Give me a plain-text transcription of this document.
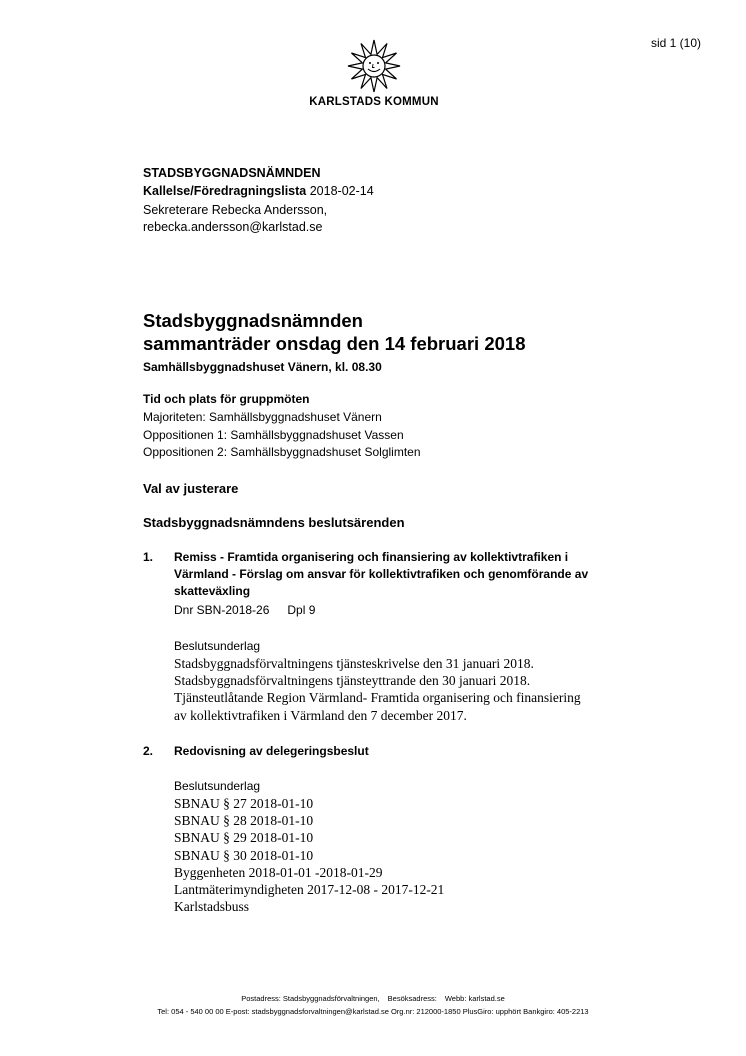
sid 1 (10)
KARLSTADS KOMMUN
STADSBYGGNADSNÄMNDEN
Kallelse/Föredragningslista 2018-02-14
Sekreterare Rebecka Andersson,
rebecka.andersson@karlstad.se
Stadsbyggnadsnämnden
sammanträder onsdag den 14 februari 2018
Samhällsbyggnadshuset Vänern, kl. 08.30
Tid och plats för gruppmöten
Majoriteten: Samhällsbyggnadshuset Vänern
Oppositionen 1: Samhällsbyggnadshuset Vassen
Oppositionen 2: Samhällsbyggnadshuset Solglimten
Val av justerare
Stadsbyggnadsnämndens beslutsärenden
1. Remiss - Framtida organisering och finansiering av kollektivtrafiken i Värmland - Förslag om ansvar för kollektivtrafiken och genomförande av skatteväxling
Dnr SBN-2018-26 Dpl 9
Beslutsunderlag
Stadsbyggnadsförvaltningens tjänsteskrivelse den 31 januari 2018.
Stadsbyggnadsförvaltningens tjänsteyttrande den 30 januari 2018.
Tjänsteutlåtande Region Värmland- Framtida organisering och finansiering
av kollektivtrafiken i Värmland den 7 december 2017.
2. Redovisning av delegeringsbeslut
Beslutsunderlag
SBNAU § 27 2018-01-10
SBNAU § 28 2018-01-10
SBNAU § 29 2018-01-10
SBNAU § 30 2018-01-10
Byggenheten 2018-01-01 -2018-01-29
Lantmäterimyndigheten 2017-12-08 - 2017-12-21
Karlstadsbuss
Postadress: Stadsbyggnadsförvaltningen, Besöksadress: Webb: karlstad.se
Tel: 054 - 540 00 00 E-post: stadsbyggnadsforvaltningen@karlstad.se Org.nr: 212000-1850 PlusGiro: upphört Bankgiro: 405-2213
